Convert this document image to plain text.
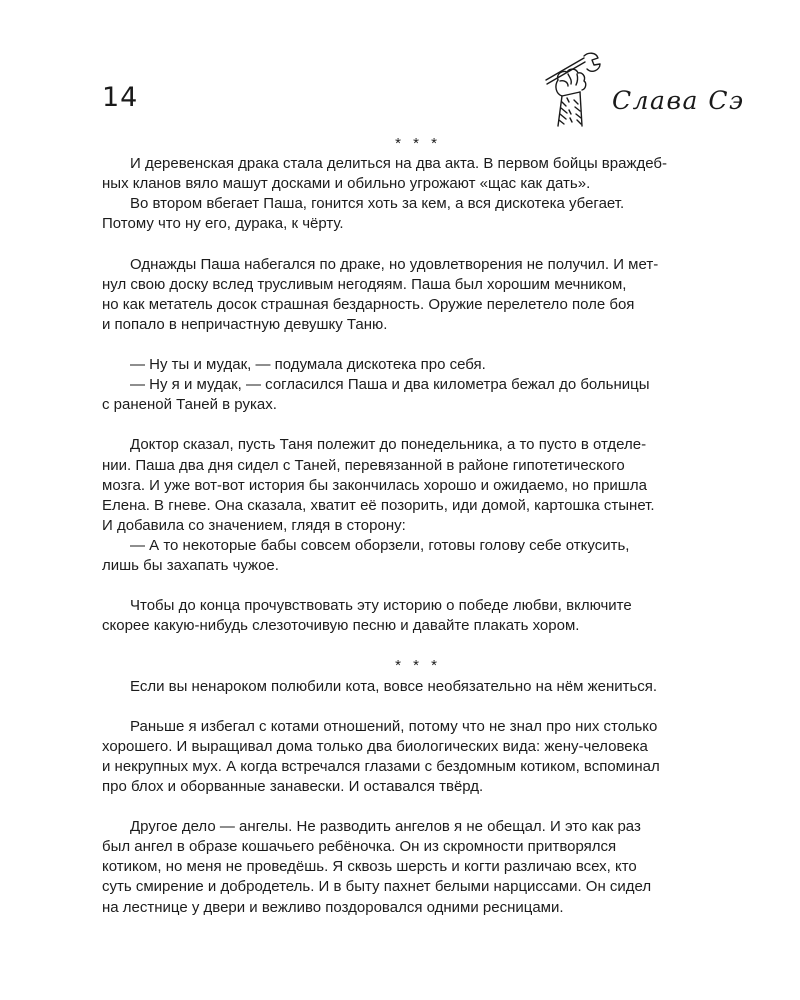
14	Слава Сэ

* * *

И деревенская драка стала делиться на два акта. В первом бойцы враждеб-
ных кланов вяло машут досками и обильно угрожают «щас как дать».

Во втором вбегает Паша, гонится хоть за кем, а вся дискотека убегает.
Потому что ну его, дурака, к чёрту.

Однажды Паша набегался по драке, но удовлетворения не получил. И мет-
нул свою доску вслед трусливым негодяям. Паша был хорошим мечником,
но как метатель досок страшная бездарность. Оружие перелетело поле боя
и попало в непричастную девушку Таню.

— Ну ты и мудак, — подумала дискотека про себя.

— Ну я и мудак, — согласился Паша и два километра бежал до больницы
с раненой Таней в руках.

Доктор сказал, пусть Таня полежит до понедельника, а то пусто в отделе-
нии. Паша два дня сидел с Таней, перевязанной в районе гипотетического
мозга. И уже вот-вот история бы закончилась хорошо и ожидаемо, но пришла
Елена. В гневе. Она сказала, хватит её позорить, иди домой, картошка стынет.
И добавила со значением, глядя в сторону:

— А то некоторые бабы совсем оборзели, готовы голову себе откусить,
лишь бы захапать чужое.

Чтобы до конца прочувствовать эту историю о победе любви, включите
скорее какую-нибудь слезоточивую песню и давайте плакать хором.

* * *

Если вы ненароком полюбили кота, вовсе необязательно на нём жениться.

Раньше я избегал с котами отношений, потому что не знал про них столько
хорошего. И выращивал дома только два биологических вида: жену-человека
и некрупных мух. А когда встречался глазами с бездомным котиком, вспоминал
про блох и оборванные занавески. И оставался твёрд.

Другое дело — ангелы. Не разводить ангелов я не обещал. И это как раз
был ангел в образе кошачьего ребёночка. Он из скромности притворялся
котиком, но меня не проведёшь. Я сквозь шерсть и когти различаю всех, кто
суть смирение и добродетель. И в быту пахнет белыми нарциссами. Он сидел
на лестнице у двери и вежливо поздоровался одними ресницами.
